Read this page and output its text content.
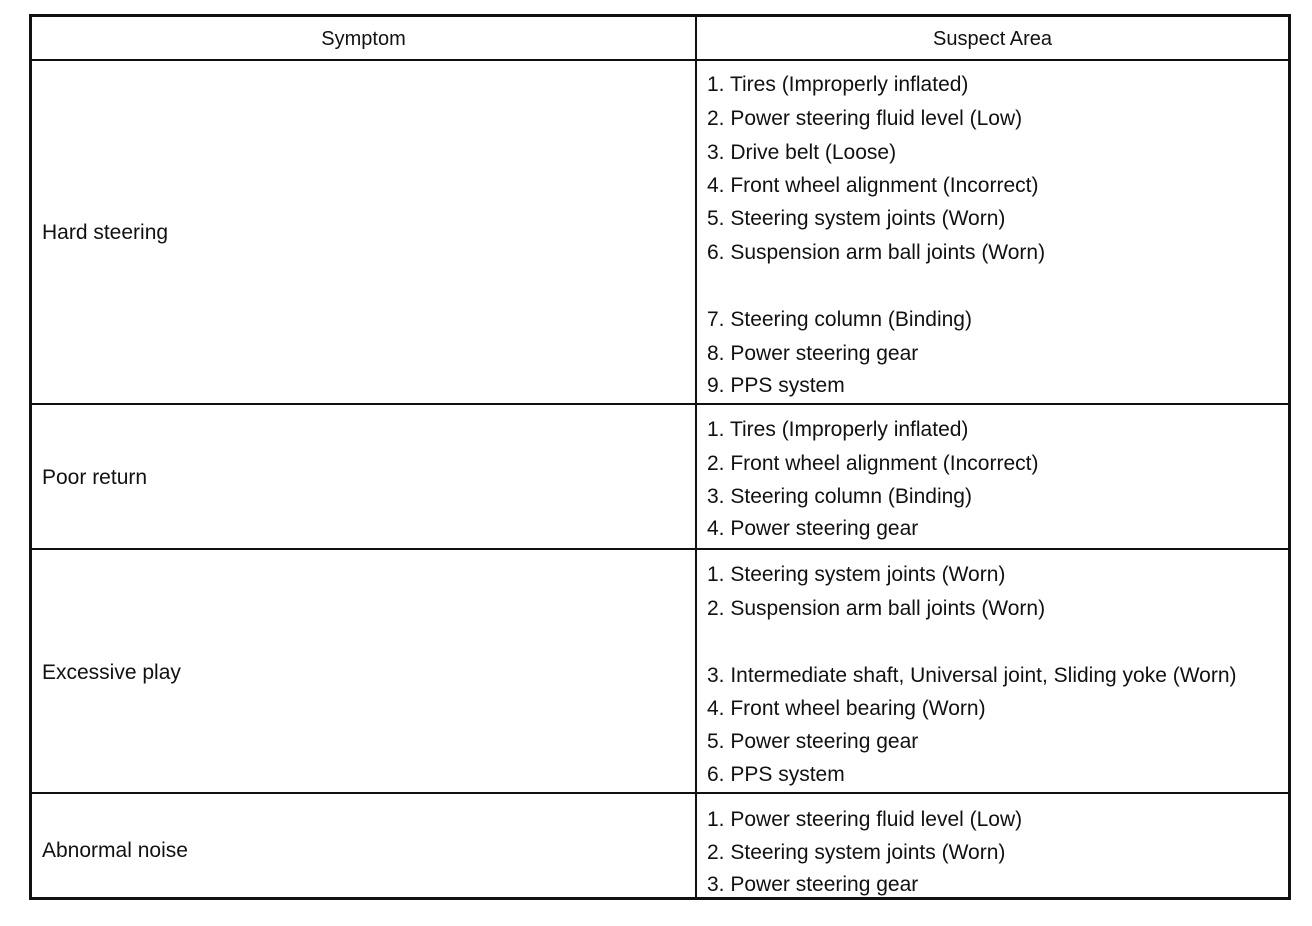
Symptom	Suspect Area
Hard steering
1. Tires (Improperly inflated)
2. Power steering fluid level (Low)
3. Drive belt (Loose)
4. Front wheel alignment (Incorrect)
5. Steering system joints (Worn)
6. Suspension arm ball joints (Worn)
7. Steering column (Binding)
8. Power steering gear
9. PPS system
Poor return
1. Tires (Improperly inflated)
2. Front wheel alignment (Incorrect)
3. Steering column (Binding)
4. Power steering gear
Excessive play
1. Steering system joints (Worn)
2. Suspension arm ball joints (Worn)
3. Intermediate shaft, Universal joint, Sliding yoke (Worn)
4. Front wheel bearing (Worn)
5. Power steering gear
6. PPS system
Abnormal noise
1. Power steering fluid level (Low)
2. Steering system joints (Worn)
3. Power steering gear
